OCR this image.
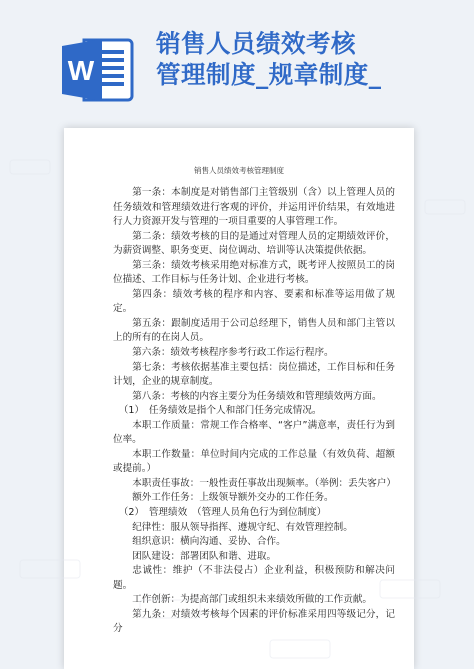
W
销售人员绩效考核
管理制度_规章制度_
销售人员绩效考核管理制度

第一条：本制度是对销售部门主管级别（含）以上管理人员的任务绩效和管理绩效进行客观的评价，并运用评价结果，有效地进行人力资源开发与管理的一项目重要的人事管理工作。

第二条：绩效考核的目的是通过对管理人员的定期绩效评价，为薪资调整、职务变更、岗位调动、培训等认决策提供依据。

第三条：绩效考核采用绝对标准方式，既考评人按照员工的岗位描述、工作目标与任务计划、企业进行考核。

第四条：绩效考核的程序和内容、要素和标准等运用做了规定。

第五条：跟制度适用于公司总经理下，销售人员和部门主管以上的所有的在岗人员。

第六条：绩效考核程序参考行政工作运行程序。

第七条：考核依据基准主要包括：岗位描述，工作目标和任务计划，企业的规章制度。

第八条：考核的内容主要分为任务绩效和管理绩效两方面。

（1）　任务绩效是指个人和部门任务完成情况。

本职工作质量：常规工作合格率、“客户”满意率，责任行为到位率。

本职工作数量：单位时间内完成的工作总量（有效负荷、超额或提前。）

本职责任事故：一般性责任事故出现频率。（举例：丢失客户）

额外工作任务：上级领导额外交办的工作任务。

（2）　管理绩效　（管理人员角色行为到位制度）

纪律性：服从领导指挥、遵规守纪、有效管理控制。

组织意识：横向沟通、妥协、合作。

团队建设：部署团队和谐、进取。

忠诚性：维护（不非法侵占）企业利益，积极预防和解决问题。

工作创新：为提高部门或组织未来绩效所做的工作贡献。

第九条：对绩效考核每个因素的评价标准采用四等级记分，记分
